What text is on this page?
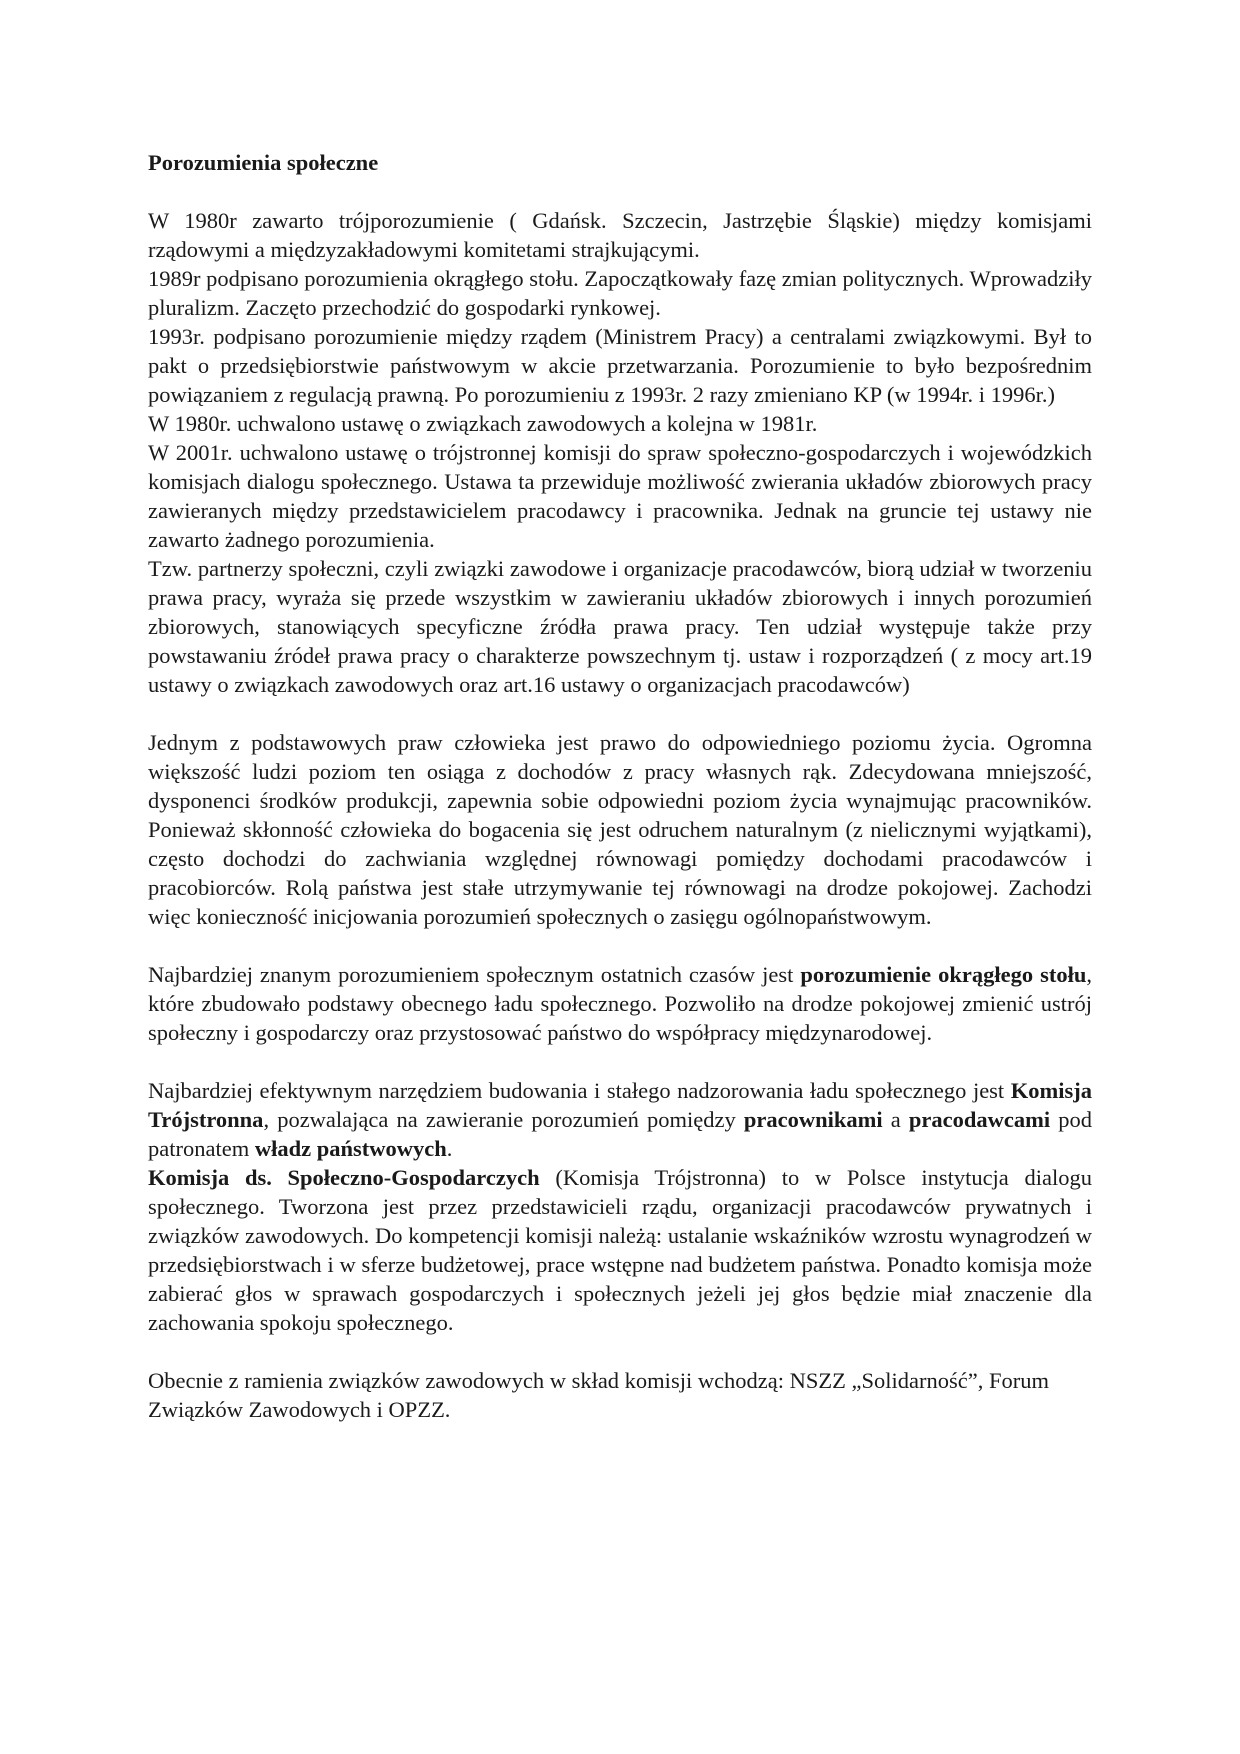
Porozumienia społeczne

W 1980r zawarto trójporozumienie ( Gdańsk. Szczecin, Jastrzębie Śląskie) między komisjami rządowymi a międzyzakładowymi komitetami strajkującymi.

1989r podpisano porozumienia okrągłego stołu. Zapoczątkowały fazę zmian politycznych. Wprowadziły pluralizm. Zaczęto przechodzić do gospodarki rynkowej.

1993r. podpisano porozumienie między rządem (Ministrem Pracy) a centralami związkowymi. Był to pakt o przedsiębiorstwie państwowym w akcie przetwarzania. Porozumienie to było bezpośrednim powiązaniem z regulacją prawną. Po porozumieniu z 1993r. 2 razy zmieniano KP (w 1994r. i 1996r.)

W 1980r. uchwalono ustawę o związkach zawodowych a kolejna w 1981r.

W 2001r. uchwalono ustawę o trójstronnej komisji do spraw społeczno-gospodarczych i wojewódzkich komisjach dialogu społecznego. Ustawa ta przewiduje możliwość zwierania układów zbiorowych pracy zawieranych między przedstawicielem pracodawcy i pracownika. Jednak na gruncie tej ustawy nie zawarto żadnego porozumienia.

Tzw. partnerzy społeczni, czyli związki zawodowe i organizacje pracodawców, biorą udział w tworzeniu prawa pracy, wyraża się przede wszystkim w zawieraniu układów zbiorowych i innych porozumień zbiorowych, stanowiących specyficzne źródła prawa pracy. Ten udział występuje także przy powstawaniu źródeł prawa pracy o charakterze powszechnym tj. ustaw i rozporządzeń ( z mocy art.19 ustawy o związkach zawodowych oraz art.16 ustawy o organizacjach pracodawców)

Jednym z podstawowych praw człowieka jest prawo do odpowiedniego poziomu życia. Ogromna większość ludzi poziom ten osiąga z dochodów z pracy własnych rąk. Zdecydowana mniejszość, dysponenci środków produkcji, zapewnia sobie odpowiedni poziom życia wynajmując pracowników. Ponieważ skłonność człowieka do bogacenia się jest odruchem naturalnym (z nielicznymi wyjątkami), często dochodzi do zachwiania względnej równowagi pomiędzy dochodami pracodawców i pracobiorców. Rolą państwa jest stałe utrzymywanie tej równowagi na drodze pokojowej. Zachodzi więc konieczność inicjowania porozumień społecznych o zasięgu ogólnopaństwowym.

Najbardziej znanym porozumieniem społecznym ostatnich czasów jest porozumienie okrągłego stołu, które zbudowało podstawy obecnego ładu społecznego. Pozwoliło na drodze pokojowej zmienić ustrój społeczny i gospodarczy oraz przystosować państwo do współpracy międzynarodowej.

Najbardziej efektywnym narzędziem budowania i stałego nadzorowania ładu społecznego jest Komisja Trójstronna, pozwalająca na zawieranie porozumień pomiędzy pracownikami a pracodawcami pod patronatem władz państwowych.

Komisja ds. Społeczno-Gospodarczych (Komisja Trójstronna) to w Polsce instytucja dialogu społecznego. Tworzona jest przez przedstawicieli rządu, organizacji pracodawców prywatnych i związków zawodowych. Do kompetencji komisji należą: ustalanie wskaźników wzrostu wynagrodzeń w przedsiębiorstwach i w sferze budżetowej, prace wstępne nad budżetem państwa. Ponadto komisja może zabierać głos w sprawach gospodarczych i społecznych jeżeli jej głos będzie miał znaczenie dla zachowania spokoju społecznego.

Obecnie z ramienia związków zawodowych w skład komisji wchodzą: NSZZ „Solidarność”, Forum Związków Zawodowych i OPZZ.
